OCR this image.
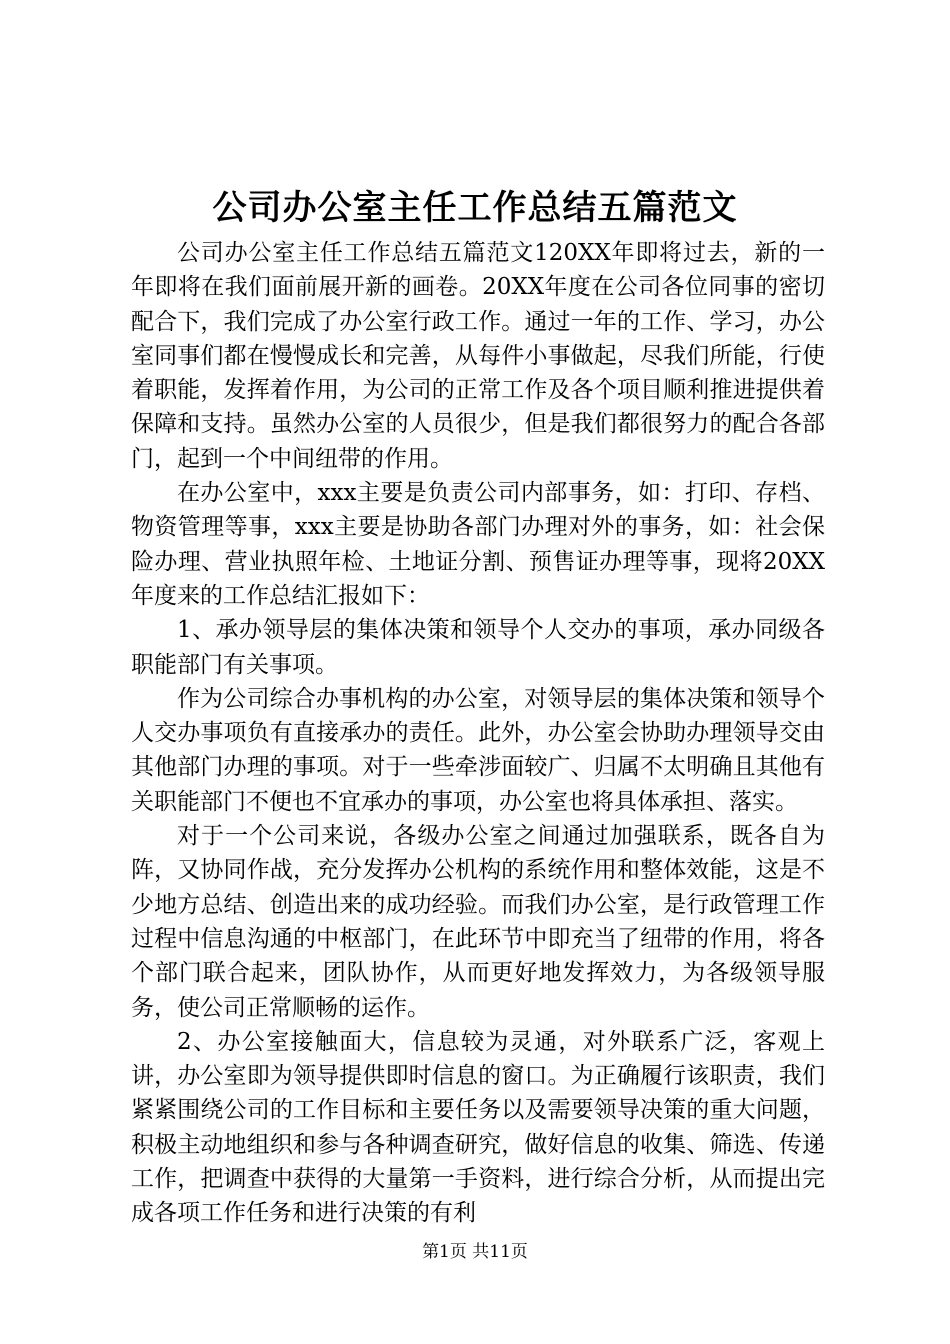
公司办公室主任工作总结五篇范文

公司办公室主任工作总结五篇范文120XX年即将过去，新的一年即将在我们面前展开新的画卷。20XX年度在公司各位同事的密切配合下，我们完成了办公室行政工作。通过一年的工作、学习，办公室同事们都在慢慢成长和完善，从每件小事做起，尽我们所能，行使着职能，发挥着作用，为公司的正常工作及各个项目顺利推进提供着保障和支持。虽然办公室的人员很少，但是我们都很努力的配合各部门，起到一个中间纽带的作用。

在办公室中，xxx主要是负责公司内部事务，如：打印、存档、物资管理等事，xxx主要是协助各部门办理对外的事务，如：社会保险办理、营业执照年检、土地证分割、预售证办理等事，现将20XX年度来的工作总结汇报如下：

1、承办领导层的集体决策和领导个人交办的事项，承办同级各职能部门有关事项。

作为公司综合办事机构的办公室，对领导层的集体决策和领导个人交办事项负有直接承办的责任。此外，办公室会协助办理领导交由其他部门办理的事项。对于一些牵涉面较广、归属不太明确且其他有关职能部门不便也不宜承办的事项，办公室也将具体承担、落实。

对于一个公司来说，各级办公室之间通过加强联系，既各自为阵，又协同作战，充分发挥办公机构的系统作用和整体效能，这是不少地方总结、创造出来的成功经验。而我们办公室，是行政管理工作过程中信息沟通的中枢部门，在此环节中即充当了纽带的作用，将各个部门联合起来，团队协作，从而更好地发挥效力，为各级领导服务，使公司正常顺畅的运作。

2、办公室接触面大，信息较为灵通，对外联系广泛，客观上讲，办公室即为领导提供即时信息的窗口。为正确履行该职责，我们紧紧围绕公司的工作目标和主要任务以及需要领导决策的重大问题，积极主动地组织和参与各种调查研究，做好信息的收集、筛选、传递工作，把调查中获得的大量第一手资料，进行综合分析，从而提出完成各项工作任务和进行决策的有利

第1页 共11页
